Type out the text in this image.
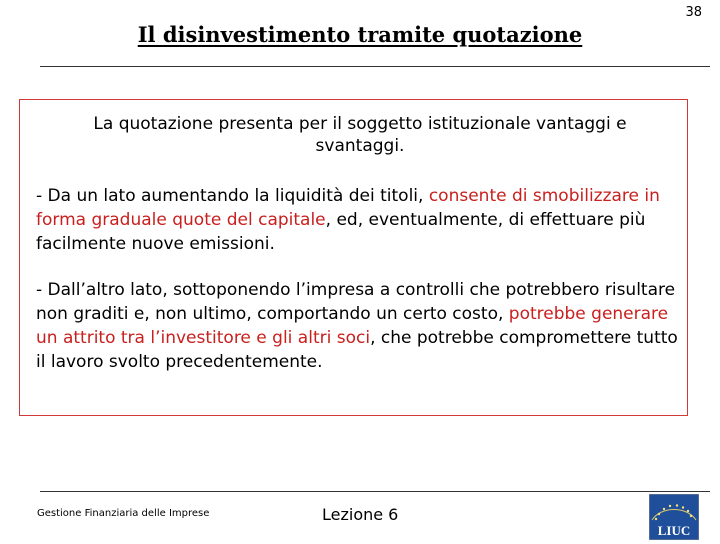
Il disinvestimento tramite quotazione
38
La quotazione presenta per il soggetto istituzionale vantaggi e svantaggi.
- Da un lato aumentando la liquidità dei titoli, consente di smobilizzare in forma graduale quote del capitale, ed, eventualmente, di effettuare più facilmente nuove emissioni.
- Dall’altro lato, sottoponendo l’impresa a controlli che potrebbero risultare non graditi e, non ultimo, comportando un certo costo, potrebbe generare un attrito tra l’investitore e gli altri soci, che potrebbe compromettere tutto il lavoro svolto precedentemente.
Gestione Finanziaria delle Imprese	Lezione 6
LIUC
